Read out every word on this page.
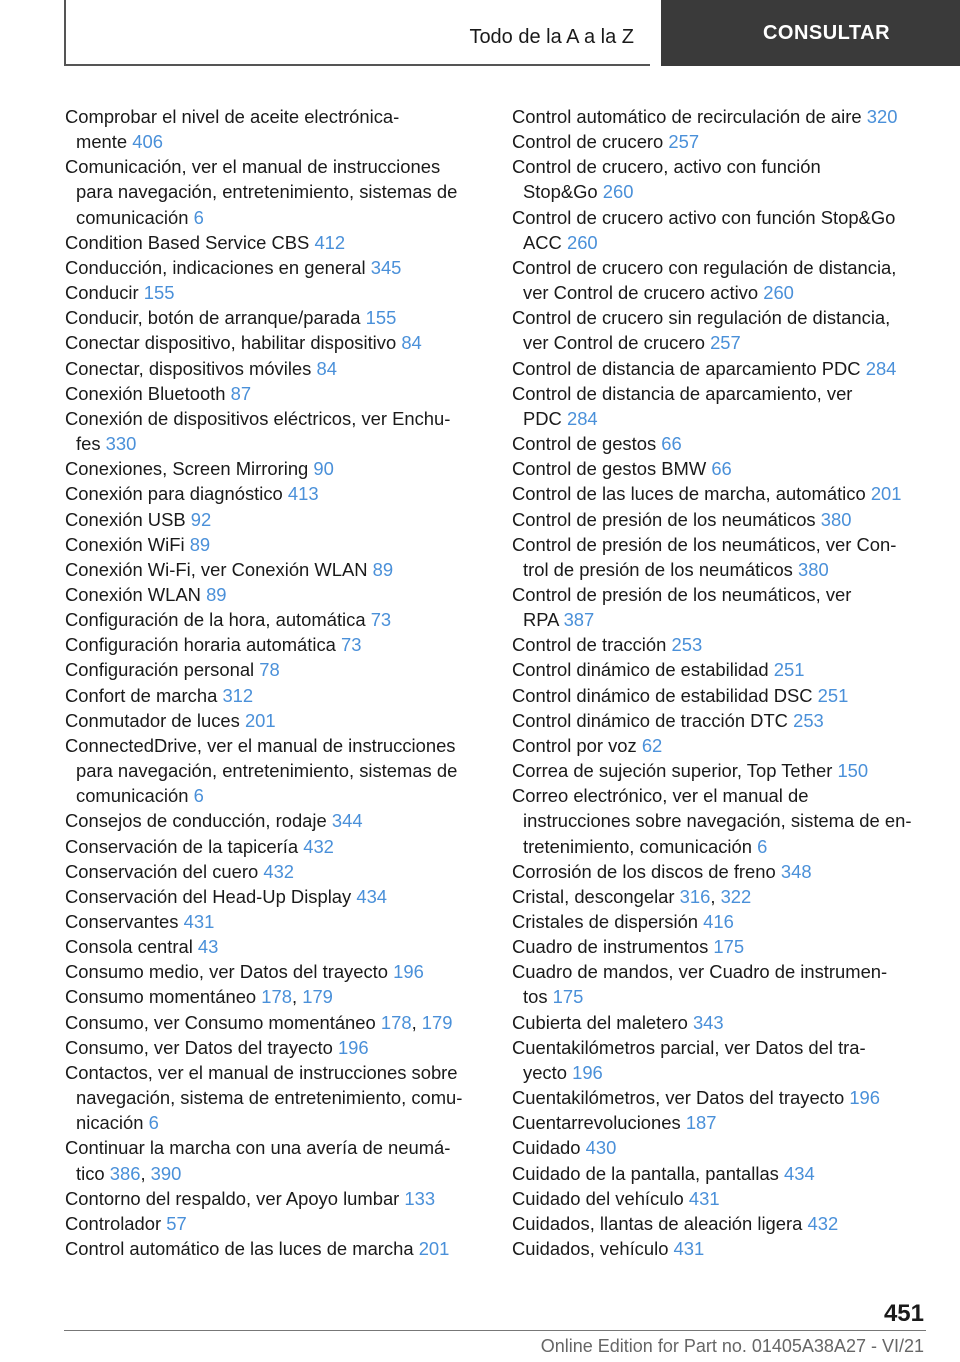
Todo de la A a la Z	CONSULTAR
Comprobar el nivel de aceite electrónica-
mente 406
Comunicación, ver el manual de instrucciones
para navegación, entretenimiento, sistemas de
comunicación 6
Condition Based Service CBS 412
Conducción, indicaciones en general 345
Conducir 155
Conducir, botón de arranque/parada 155
Conectar dispositivo, habilitar dispositivo 84
Conectar, dispositivos móviles 84
Conexión Bluetooth 87
Conexión de dispositivos eléctricos, ver Enchu-
fes 330
Conexiones, Screen Mirroring 90
Conexión para diagnóstico 413
Conexión USB 92
Conexión WiFi 89
Conexión Wi-Fi, ver Conexión WLAN 89
Conexión WLAN 89
Configuración de la hora, automática 73
Configuración horaria automática 73
Configuración personal 78
Confort de marcha 312
Conmutador de luces 201
ConnectedDrive, ver el manual de instrucciones
para navegación, entretenimiento, sistemas de
comunicación 6
Consejos de conducción, rodaje 344
Conservación de la tapicería 432
Conservación del cuero 432
Conservación del Head-Up Display 434
Conservantes 431
Consola central 43
Consumo medio, ver Datos del trayecto 196
Consumo momentáneo 178, 179
Consumo, ver Consumo momentáneo 178, 179
Consumo, ver Datos del trayecto 196
Contactos, ver el manual de instrucciones sobre
navegación, sistema de entretenimiento, comu-
nicación 6
Continuar la marcha con una avería de neumá-
tico 386, 390
Contorno del respaldo, ver Apoyo lumbar 133
Controlador 57
Control automático de las luces de marcha 201
Control automático de recirculación de aire 320
Control de crucero 257
Control de crucero, activo con función
Stop&Go 260
Control de crucero activo con función Stop&Go
ACC 260
Control de crucero con regulación de distancia,
ver Control de crucero activo 260
Control de crucero sin regulación de distancia,
ver Control de crucero 257
Control de distancia de aparcamiento PDC 284
Control de distancia de aparcamiento, ver
PDC 284
Control de gestos 66
Control de gestos BMW 66
Control de las luces de marcha, automático 201
Control de presión de los neumáticos 380
Control de presión de los neumáticos, ver Con-
trol de presión de los neumáticos 380
Control de presión de los neumáticos, ver
RPA 387
Control de tracción 253
Control dinámico de estabilidad 251
Control dinámico de estabilidad DSC 251
Control dinámico de tracción DTC 253
Control por voz 62
Correa de sujeción superior, Top Tether 150
Correo electrónico, ver el manual de
instrucciones sobre navegación, sistema de en-
tretenimiento, comunicación 6
Corrosión de los discos de freno 348
Cristal, descongelar 316, 322
Cristales de dispersión 416
Cuadro de instrumentos 175
Cuadro de mandos, ver Cuadro de instrumen-
tos 175
Cubierta del maletero 343
Cuentakilómetros parcial, ver Datos del tra-
yecto 196
Cuentakilómetros, ver Datos del trayecto 196
Cuentarrevoluciones 187
Cuidado 430
Cuidado de la pantalla, pantallas 434
Cuidado del vehículo 431
Cuidados, llantas de aleación ligera 432
Cuidados, vehículo 431
451
Online Edition for Part no. 01405A38A27 - VI/21
